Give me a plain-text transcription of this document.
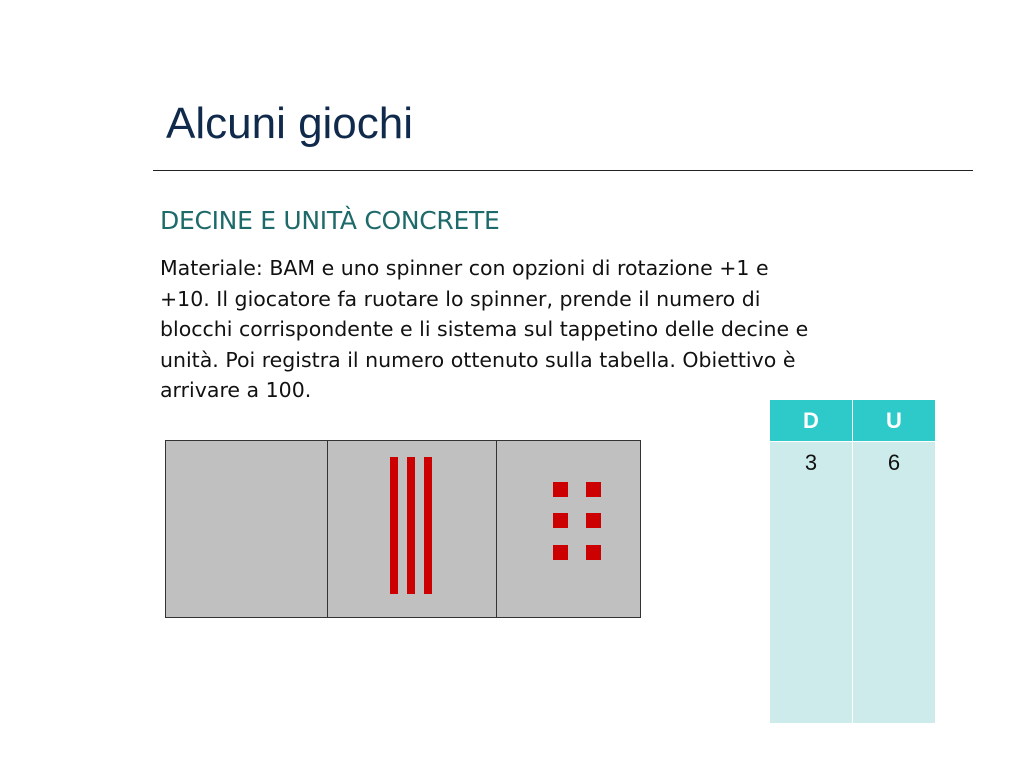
Alcuni giochi
DECINE E UNITÀ CONCRETE

Materiale: BAM e uno spinner con opzioni di rotazione +1 e
+10. Il giocatore fa ruotare lo spinner, prende il numero di
blocchi corrispondente e li sistema sul tappetino delle decine e
unità. Poi registra il numero ottenuto sulla tabella. Obiettivo è
arrivare a 100.

D	U
3	6
